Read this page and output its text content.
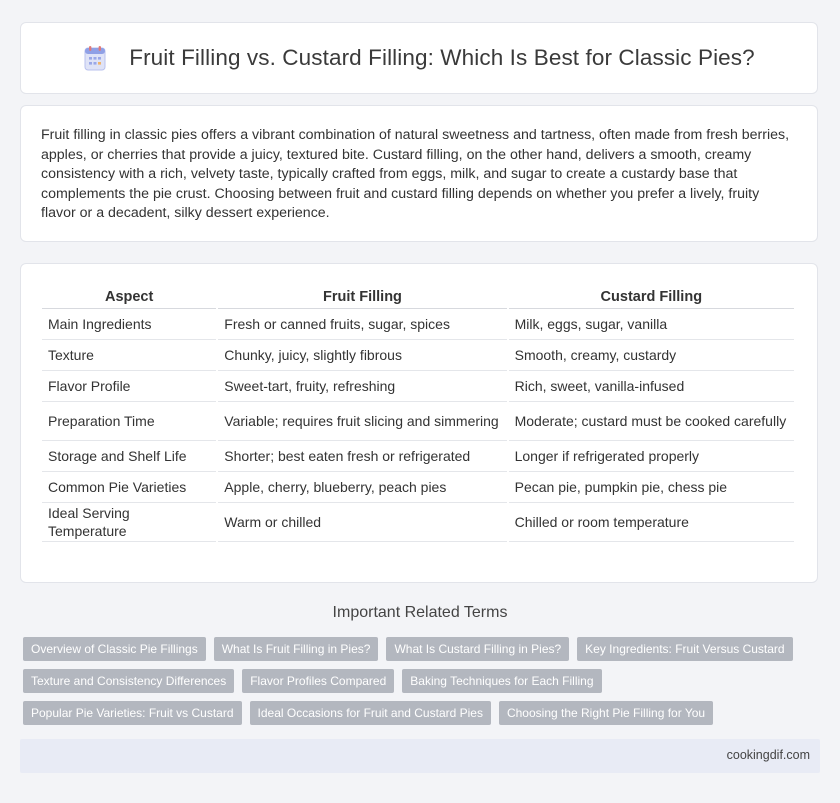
Fruit Filling vs. Custard Filling: Which Is Best for Classic Pies?

Fruit filling in classic pies offers a vibrant combination of natural sweetness and tartness, often made from fresh berries, apples, or cherries that provide a juicy, textured bite. Custard filling, on the other hand, delivers a smooth, creamy consistency with a rich, velvety taste, typically crafted from eggs, milk, and sugar to create a custardy base that complements the pie crust. Choosing between fruit and custard filling depends on whether you prefer a lively, fruity flavor or a decadent, silky dessert experience.

Aspect	Fruit Filling	Custard Filling
Main Ingredients	Fresh or canned fruits, sugar, spices	Milk, eggs, sugar, vanilla
Texture	Chunky, juicy, slightly fibrous	Smooth, creamy, custardy
Flavor Profile	Sweet-tart, fruity, refreshing	Rich, sweet, vanilla-infused
Preparation Time	Variable; requires fruit slicing and simmering	Moderate; custard must be cooked carefully
Storage and Shelf Life	Shorter; best eaten fresh or refrigerated	Longer if refrigerated properly
Common Pie Varieties	Apple, cherry, blueberry, peach pies	Pecan pie, pumpkin pie, chess pie
Ideal Serving Temperature	Warm or chilled	Chilled or room temperature
Important Related Terms
Overview of Classic Pie Fillings	What Is Fruit Filling in Pies?	What Is Custard Filling in Pies?	Key Ingredients: Fruit Versus Custard
Texture and Consistency Differences	Flavor Profiles Compared	Baking Techniques for Each Filling
Popular Pie Varieties: Fruit vs Custard	Ideal Occasions for Fruit and Custard Pies	Choosing the Right Pie Filling for You
cookingdif.com
